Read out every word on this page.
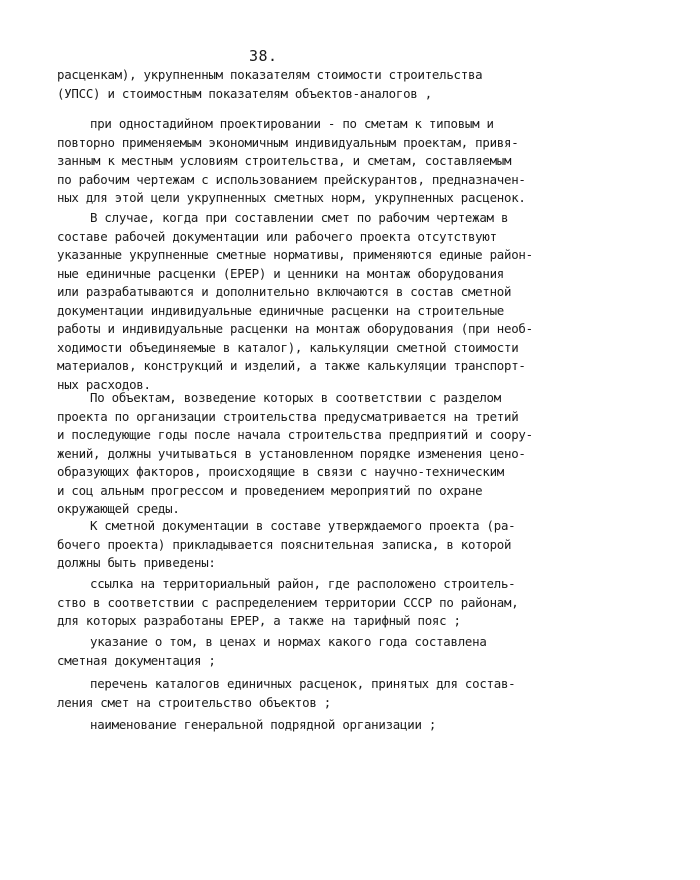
38.
расценкам), укрупненным показателям стоимости строительства
(УПСС) и стоимостным показателям объектов-аналогов ,
при одностадийном проектировании - по сметам к типовым и
повторно применяемым экономичным индивидуальным проектам, привя-
занным к местным условиям строительства, и сметам, составляемым
по рабочим чертежам с использованием прейскурантов, предназначен-
ных для этой цели укрупненных сметных норм, укрупненных расценок.
В случае, когда при составлении смет по рабочим чертежам в
составе рабочей документации или рабочего проекта отсутствуют
указанные укрупненные сметные нормативы, применяются единые район-
ные единичные расценки (ЕРЕР) и ценники на монтаж оборудования
или разрабатываются и дополнительно включаются в состав сметной
документации индивидуальные единичные расценки на строительные
работы и индивидуальные расценки на монтаж оборудования (при необ-
ходимости объединяемые в каталог), калькуляции сметной стоимости
материалов, конструкций и изделий, а также калькуляции транспорт-
ных расходов.
По объектам, возведение которых в соответствии с разделом
проекта по организации строительства предусматривается на третий
и последующие годы после начала строительства предприятий и соору-
жений, должны учитываться в установленном порядке изменения цено-
образующих факторов, происходящие в связи с научно-техническим
и соц альным прогрессом и проведением мероприятий по охране
окружающей среды.
К сметной документации в составе утверждаемого проекта (ра-
бочего проекта) прикладывается пояснительная записка, в которой
должны быть приведены:
ссылка на территориальный район, где расположено строитель-
ство в соответствии с распределением территории СССР по районам,
для которых разработаны ЕРЕР, а также на тарифный пояс ;
указание о том, в ценах и нормах какого года составлена
сметная документация ;
перечень каталогов единичных расценок, принятых для состав-
ления смет на строительство объектов ;
наименование генеральной подрядной организации ;
